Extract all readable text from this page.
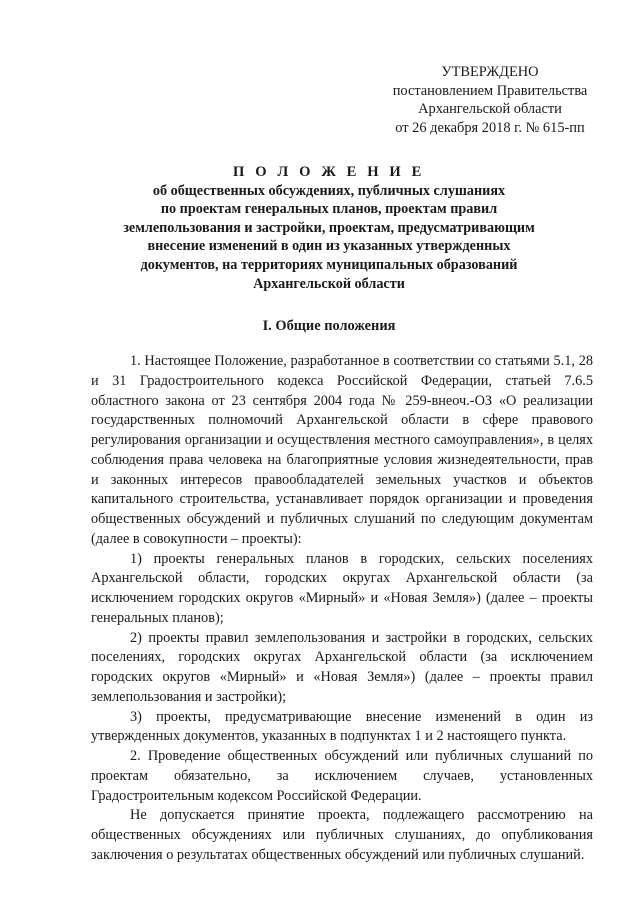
УТВЕРЖДЕНО
постановлением Правительства
Архангельской области
от 26 декабря 2018 г. № 615-пп
П О Л О Ж Е Н И Е
об общественных обсуждениях, публичных слушаниях
по проектам генеральных планов, проектам правил
землепользования и застройки, проектам, предусматривающим
внесение изменений в один из указанных утвержденных
документов, на территориях муниципальных образований
Архангельской области
I. Общие положения

1. Настоящее Положение, разработанное в соответствии со статьями 5.1, 28 и 31 Градостроительного кодекса Российской Федерации, статьей 7.6.5 областного закона от 23 сентября 2004 года № 259-внеоч.-ОЗ «О реализации государственных полномочий Архангельской области в сфере правового регулирования организации и осуществления местного самоуправления», в целях соблюдения права человека на благоприятные условия жизнедеятельности, прав и законных интересов правообладателей земельных участков и объектов капитального строительства, устанавливает порядок организации и проведения общественных обсуждений и публичных слушаний по следующим документам (далее в совокупности – проекты):

1) проекты генеральных планов в городских, сельских поселениях Архангельской области, городских округах Архангельской области (за исключением городских округов «Мирный» и «Новая Земля») (далее – проекты генеральных планов);

2) проекты правил землепользования и застройки в городских, сельских поселениях, городских округах Архангельской области (за исключением городских округов «Мирный» и «Новая Земля») (далее – проекты правил землепользования и застройки);

3) проекты, предусматривающие внесение изменений в один из утвержденных документов, указанных в подпунктах 1 и 2 настоящего пункта.

2. Проведение общественных обсуждений или публичных слушаний по проектам обязательно, за исключением случаев, установленных Градостроительным кодексом Российской Федерации.

Не допускается принятие проекта, подлежащего рассмотрению на общественных обсуждениях или публичных слушаниях, до опубликования заключения о результатах общественных обсуждений или публичных слушаний.
